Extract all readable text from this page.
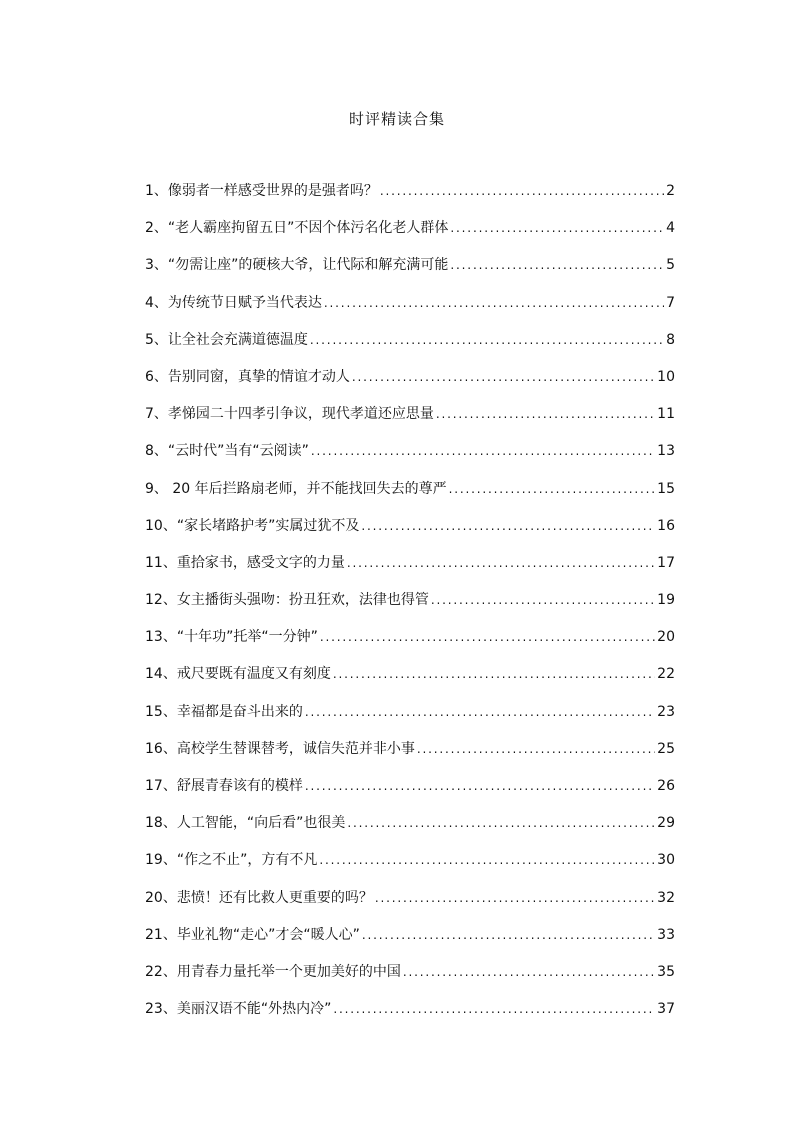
时评精读合集
1、像弱者一样感受世界的是强者吗？ . . .	2
2、“老人霸座拘留五日”不因个体污名化老人群体 . . .	4
3、“勿需让座”的硬核大爷，让代际和解充满可能 . . .	5
4、为传统节日赋予当代表达 . . .	7
5、让全社会充满道德温度 . . .	8
6、告别同窗，真挚的情谊才动人 . . .	10
7、孝悌园二十四孝引争议，现代孝道还应思量 . . .	11
8、“云时代”当有“云阅读” . . .	13
9、 20 年后拦路扇老师，并不能找回失去的尊严 . . .	15
10、“家长堵路护考”实属过犹不及 . . .	16
11、重拾家书，感受文字的力量 . . .	17
12、女主播街头强吻：扮丑狂欢，法律也得管 . . .	19
13、“十年功”托举“一分钟” . . .	20
14、戒尺要既有温度又有刻度 . . .	22
15、幸福都是奋斗出来的 . . .	23
16、高校学生替课替考，诚信失范并非小事 . . .	25
17、舒展青春该有的模样 . . .	26
18、人工智能，“向后看”也很美 . . .	29
19、“作之不止”，方有不凡 . . .	30
20、悲愤！还有比救人更重要的吗？ . . .	32
21、毕业礼物“走心”才会“暖人心” . . .	33
22、用青春力量托举一个更加美好的中国 . . .	35
23、美丽汉语不能“外热内冷” . . .	37
